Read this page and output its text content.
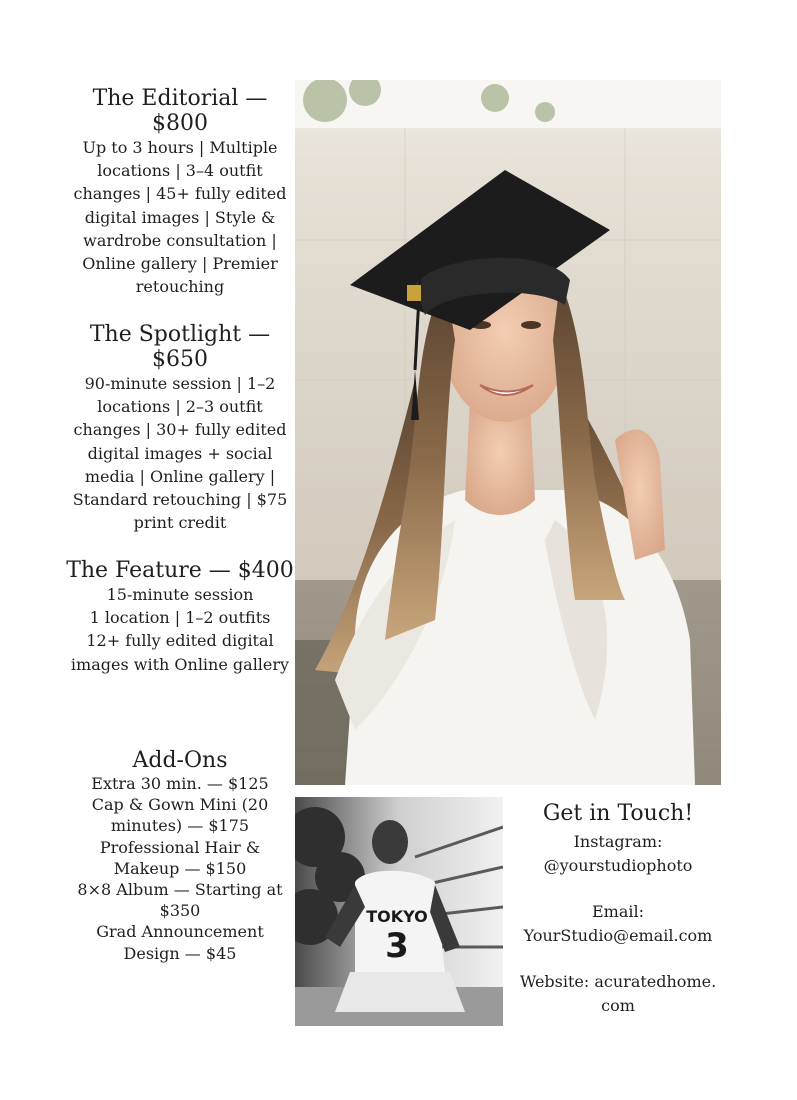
The Editorial — $800

Up to 3 hours | Multiple locations | 3–4 outfit changes | 45+ fully edited digital images | Style & wardrobe consultation | Online gallery | Premier retouching

The Spotlight — $650

90-minute session | 1–2 locations | 2–3 outfit changes | 30+ fully edited digital images + social media | Online gallery | Standard retouching | $75 print credit

The Feature — $400

15-minute session

1 location | 1–2 outfits

12+ fully edited digital images with Online gallery

Add-Ons

Extra 30 min. — $125

Cap & Gown Mini (20 minutes) — $175

Professional Hair & Makeup — $150

8×8 Album — Starting at $350

Grad Announcement Design — $45

TOKYO
3
Get in Touch!

Instagram:

@yourstudiophoto

Email:

YourStudio@email.com

Website: acuratedhome.

com
